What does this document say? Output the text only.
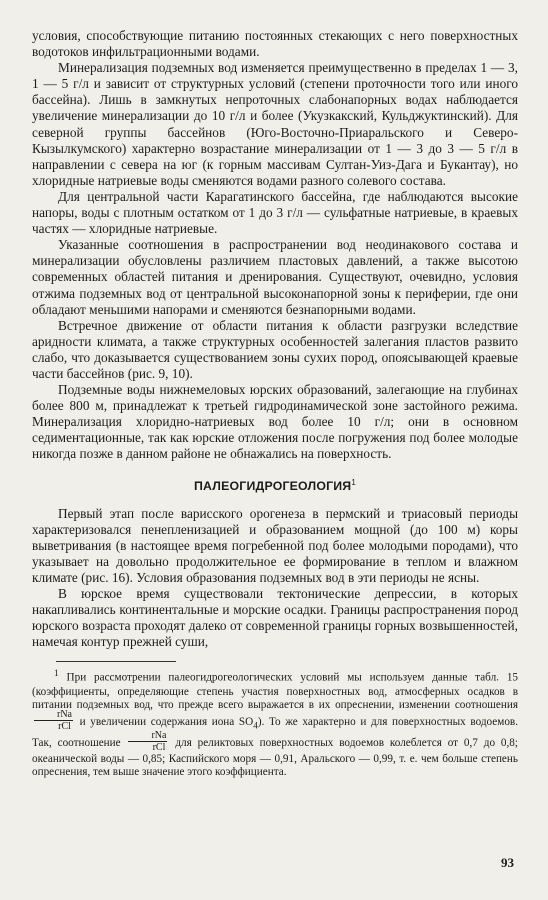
условия, способствующие питанию постоянных стекающих с него поверхностных водотоков инфильтрационными водами.

Минерализация подземных вод изменяется преимущественно в пределах 1 — 3, 1 — 5 г/л и зависит от структурных условий (степени проточности того или иного бассейна). Лишь в замкнутых непроточных слабонапорных водах наблюдается увеличение минерализации до 10 г/л и более (Укузкакский, Кульджуктинский). Для северной группы бассейнов (Юго-Восточно-Приаральского и Северо-Кызылкумского) характерно возрастание минерализации от 1 — 3 до 3 — 5 г/л в направлении с севера на юг (к горным массивам Султан-Уиз-Дага и Букантау), но хлоридные натриевые воды сменяются водами разного солевого состава.

Для центральной части Карагатинского бассейна, где наблюдаются высокие напоры, воды с плотным остатком от 1 до 3 г/л — сульфатные натриевые, в краевых частях — хлоридные натриевые.

Указанные соотношения в распространении вод неодинакового состава и минерализации обусловлены различием пластовых давлений, а также высотою современных областей питания и дренирования. Существуют, очевидно, условия отжима подземных вод от центральной высоконапорной зоны к периферии, где они обладают меньшими напорами и сменяются безнапорными водами.

Встречное движение от области питания к области разгрузки вследствие аридности климата, а также структурных особенностей залегания пластов развито слабо, что доказывается существованием зоны сухих пород, опоясывающей краевые части бассейнов (рис. 9, 10).

Подземные воды нижнемеловых юрских образований, залегающие на глубинах более 800 м, принадлежат к третьей гидродинамической зоне застойного режима. Минерализация хлоридно-натриевых вод более 10 г/л; они в основном седиментационные, так как юрские отложения после погружения под более молодые никогда позже в данном районе не обнажались на поверхность.

ПАЛЕОГИДРОГЕОЛОГИЯ$^1$

Первый этап после варисского орогенеза в пермский и триасовый периоды характеризовался пенепленизацией и образованием мощной (до 100 м) коры выветривания (в настоящее время погребенной под более молодыми породами), что указывает на довольно продолжительное ее формирование в теплом и влажном климате (рис. 16). Условия образования подземных вод в эти периоды не ясны.

В юрское время существовали тектонические депрессии, в которых накапливались континентальные и морские осадки. Границы распространения пород юрского возраста проходят далеко от современной границы горных возвышенностей, намечая контур прежней суши,

$^1$ При рассмотрении палеогидрогеологических условий мы используем данные табл. 15 (коэффициенты, определяющие степень участия поверхностных вод, атмосферных осадков в питании подземных вод, что прежде всего выражается в их опреснении, изменении соотношения
$\frac{\text{rNa}}{\text{rCl}}$ и увеличении содержания иона $SO_4$). То же характерно и для поверхностных водоемов. Так, соотношение $\frac{\text{rNa}}{\text{rCl}}$ для реликтовых поверхностных водоемов колеблется от 0,7 до 0,8; океанической воды — 0,85; Каспийского моря — 0,91, Аральского — 0,99, т. е. чем больше степень опреснения, тем выше значение этого коэффициента.

93
